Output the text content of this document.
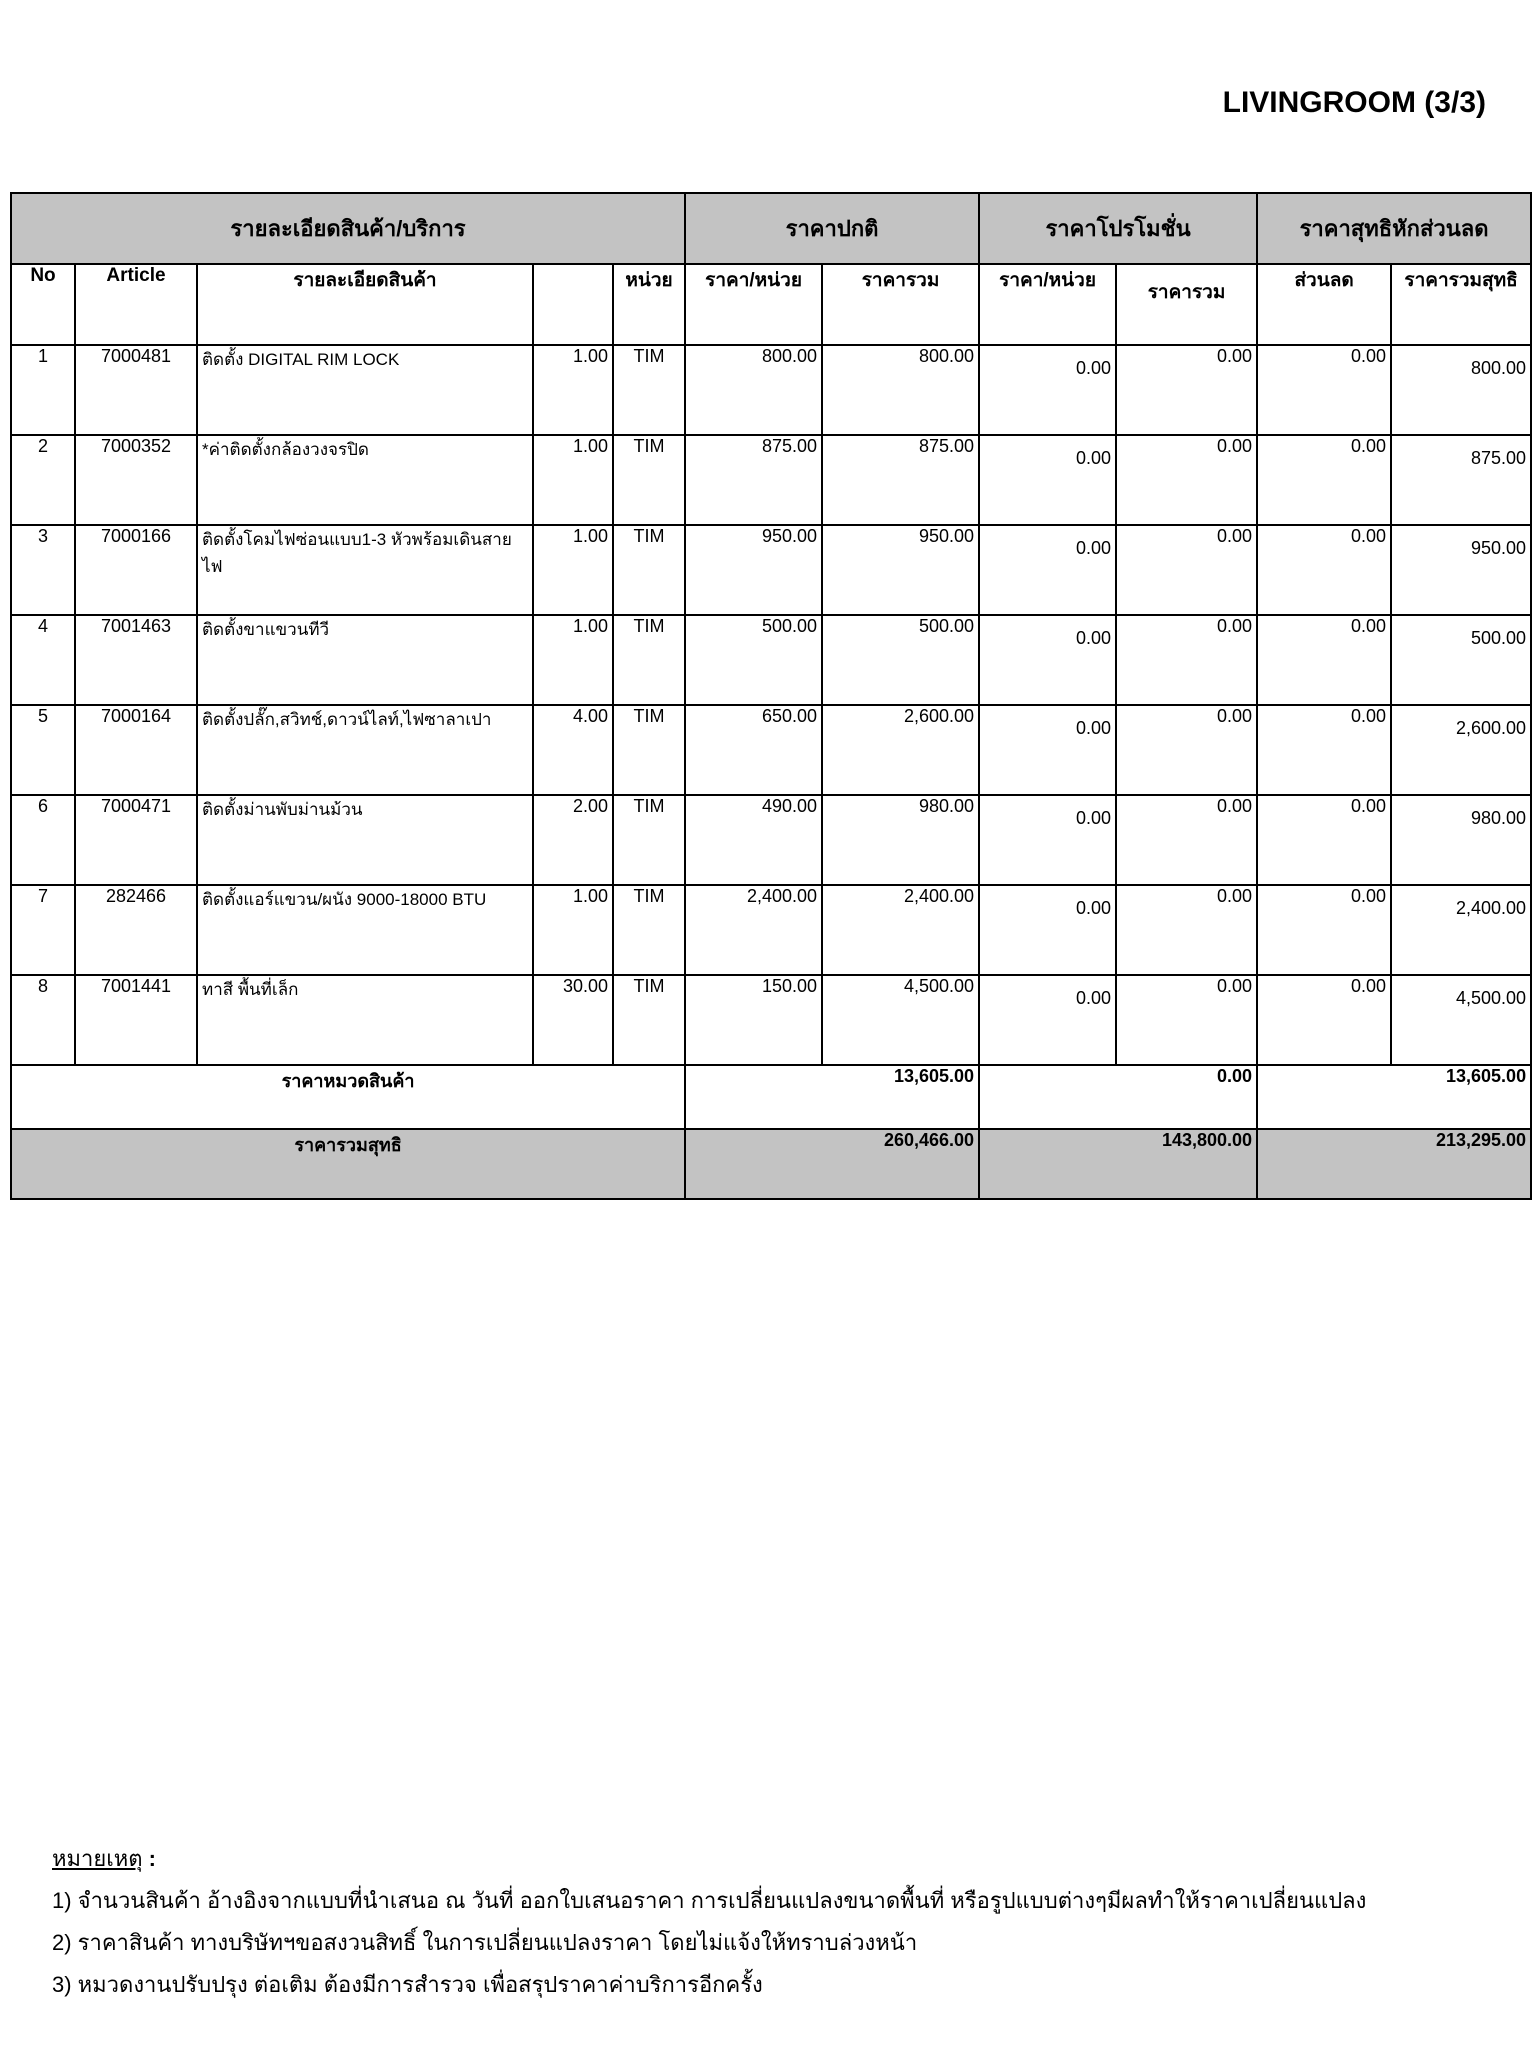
LIVINGROOM (3/3)
รายละเอียดสินค้า/บริการ					ราคาปกติ		ราคาโปรโมชั่น		ราคาสุทธิหักส่วนลด	
No	Article	รายละเอียดสินค้า		หน่วย	ราคา/หน่วย	ราคารวม	ราคา/หน่วย	ราคารวม	ส่วนลด	ราคารวมสุทธิ
1	7000481	ติดตั้ง DIGITAL RIM LOCK	1.00	TIM	800.00	800.00	0.00	0.00	0.00	800.00
2	7000352	*ค่าติดตั้งกล้องวงจรปิด	1.00	TIM	875.00	875.00	0.00	0.00	0.00	875.00
3	7000166	ติดตั้งโคมไฟซ่อนแบบ1-3 หัวพร้อมเดินสายไฟ	1.00	TIM	950.00	950.00	0.00	0.00	0.00	950.00
4	7001463	ติดตั้งขาแขวนทีวี	1.00	TIM	500.00	500.00	0.00	0.00	0.00	500.00
5	7000164	ติดตั้งปลั๊ก,สวิทช์,ดาวน์ไลท์,ไฟซาลาเปา	4.00	TIM	650.00	2,600.00	0.00	0.00	0.00	2,600.00
6	7000471	ติดตั้งม่านพับม่านม้วน	2.00	TIM	490.00	980.00	0.00	0.00	0.00	980.00
7	282466	ติดตั้งแอร์แขวน/ผนัง 9000-18000 BTU	1.00	TIM	2,400.00	2,400.00	0.00	0.00	0.00	2,400.00
8	7001441	ทาสี พื้นที่เล็ก	30.00	TIM	150.00	4,500.00	0.00	0.00	0.00	4,500.00
ราคาหมวดสินค้า					13,605.00		0.00		13,605.00	
ราคารวมสุทธิ					260,466.00		143,800.00		213,295.00	
หมายเหตุ :
1) จำนวนสินค้า อ้างอิงจากแบบที่นำเสนอ ณ วันที่ ออกใบเสนอราคา การเปลี่ยนแปลงขนาดพื้นที่ หรือรูปแบบต่างๆมีผลทำให้ราคาเปลี่ยนแปลง
2) ราคาสินค้า ทางบริษัทฯขอสงวนสิทธิ์ ในการเปลี่ยนแปลงราคา โดยไม่แจ้งให้ทราบล่วงหน้า
3) หมวดงานปรับปรุง ต่อเติม ต้องมีการสำรวจ เพื่อสรุปราคาค่าบริการอีกครั้ง
